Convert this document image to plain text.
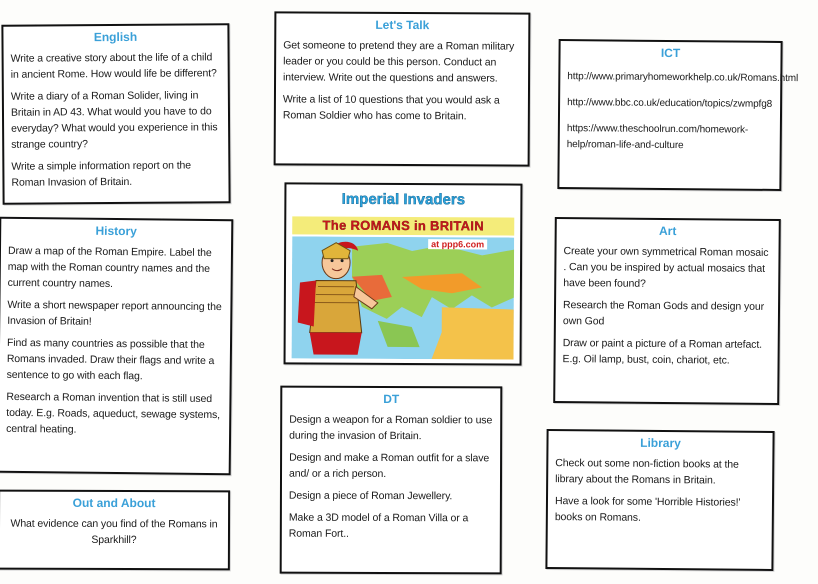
English

Write a creative story about the life of a child in ancient Rome. How would life be different?

Write a diary of a Roman Solider, living in Britain in AD 43. What would you have to do everyday? What would you experience in this strange country?

Write a simple information report on the Roman Invasion of Britain.

Let's Talk

Get someone to pretend they are a Roman military leader or you could be this person. Conduct an interview. Write out the questions and answers.

Write a list of 10 questions that you would ask a Roman Soldier who has come to Britain.

ICT

http://www.primaryhomeworkhelp.co.uk/Romans.html

http://www.bbc.co.uk/education/topics/zwmpfg8

https://www.theschoolrun.com/homework-help/roman-life-and-culture

History

Draw a map of the Roman Empire. Label the map with the Roman country names and the current country names.

Write a short newspaper report announcing the Invasion of Britain!

Find as many countries as possible that the Romans invaded. Draw their flags and write a sentence to go with each flag.

Research a Roman invention that is still used today. E.g. Roads, aqueduct, sewage systems, central heating.

Imperial Invaders
The ROMANS in BRITAIN
at ppp6.com
Art

Create your own symmetrical Roman mosaic . Can you be inspired by actual mosaics that have been found?

Research the Roman Gods and design your own God

Draw or paint a picture of a Roman artefact. E.g. Oil lamp, bust, coin, chariot, etc.

DT

Design a weapon for a Roman soldier to use during the invasion of Britain.

Design and make a Roman outfit for a slave and/ or a rich person.

Design a piece of Roman Jewellery.

Make a 3D model of a Roman Villa or a Roman Fort..

Library

Check out some non-fiction books at the library about the Romans in Britain.

Have a look for some 'Horrible Histories!' books on Romans.

Out and About

What evidence can you find of the Romans in Sparkhill?
